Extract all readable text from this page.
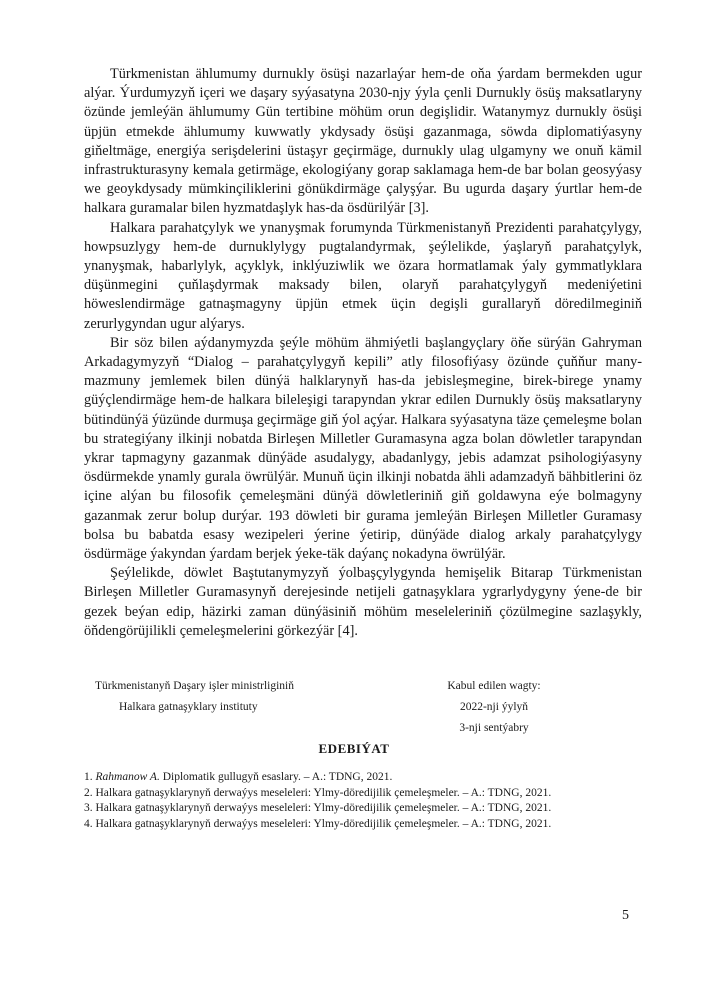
Türkmenistan ählumumy durnukly ösüşi nazarlaýar hem-de oňa ýardam bermekden ugur alýar. Ýurdumyzyň içeri we daşary syýasatyna 2030-njy ýyla çenli Durnukly ösüş maksatlaryny özünde jemleýän ählumumy Gün tertibine möhüm orun degişlidir. Watanymyz durnukly ösüşi üpjün etmekde ählumumy kuwwatly ykdysady ösüşi gazanmaga, söwda diplomatiýasyny giňeltmäge, energiýa serişdelerini üstaşyr geçirmäge, durnukly ulag ulgamyny we onuň kämil infrastrukturasyny kemala getirmäge, ekologiýany gorap saklamaga hem-de bar bolan geosyýasy we geoykdysady mümkinçiliklerini gönükdirmäge çalyşýar. Bu ugurda daşary ýurtlar hem-de halkara guramalar bilen hyzmatdaşlyk has-da ösdürilýär [3].

Halkara parahatçylyk we ynanyşmak forumynda Türkmenistanyň Prezidenti parahatçylygy, howpsuzlygy hem-de durnuklylygy pugtalandyrmak, şeýlelikde, ýaşlaryň parahatçylyk, ynanyşmak, habarlylyk, açyklyk, inklýuziwlik we özara hormatlamak ýaly gymmatlyklara düşünmegini çuňlaşdyrmak maksady bilen, olaryň parahatçylygyň medeniýetini höweslendirmäge gatnaşmagyny üpjün etmek üçin degişli gurallaryň döredilmeginiň zerurlygyndan ugur alýarys.

Bir söz bilen aýdanymyzda şeýle möhüm ähmiýetli başlangyçlary öňe sürýän Gahryman Arkadagymyzyň “Dialog – parahatçylygyň kepili” atly filosofiýasy özünde çuňňur many-mazmuny jemlemek bilen dünýä halklarynyň has-da jebisleşmegine, birek-birege ynamy güýçlendirmäge hem-de halkara bileleşigi tarapyndan ykrar edilen Durnukly ösüş maksatlaryny bütindünýä ýüzünde durmuşa geçirmäge giň ýol açýar. Halkara syýasatyna täze çemeleşme bolan bu strategiýany ilkinji nobatda Birleşen Milletler Guramasyna agza bolan döwletler tarapyndan ykrar tapmagyny gazanmak dünýäde asudalygy, abadanlygy, jebis adamzat psihologiýasyny ösdürmekde ynamly gurala öwrülýär. Munuň üçin ilkinji nobatda ähli adamzadyň bähbitlerini öz içine alýan bu filosofik çemeleşmäni dünýä döwletleriniň giň goldawyna eýe bolmagyny gazanmak zerur bolup durýar. 193 döwleti bir gurama jemleýän Birleşen Milletler Guramasy bolsa bu babatda esasy wezipeleri ýerine ýetirip, dünýäde dialog arkaly parahatçylygy ösdürmäge ýakyndan ýardam berjek ýeke-täk daýanç nokadyna öwrülýär.

Şeýlelikde, döwlet Baştutanymyzyň ýolbaşçylygynda hemişelik Bitarap Türkmenistan Birleşen Milletler Guramasynyň derejesinde netijeli gatnaşyklara ygrarlydygyny ýene-de bir gezek beýan edip, häzirki zaman dünýäsiniň möhüm meseleleriniň çözülmegine sazlaşykly, öňdengörüjilikli çemeleşmelerini görkezýär [4].

Türkmenistanyň Daşary işler ministrliginiň
Halkara gatnaşyklary instituty
Kabul edilen wagty:
2022-nji ýylyň
3-nji sentýabry
EDEBIÝAT
1. Rahmanow A. Diplomatik gullugyň esaslary. – A.: TDNG, 2021.
2. Halkara gatnaşyklarynyň derwaýys meseleleri: Ylmy-döredijilik çemeleşmeler. – A.: TDNG, 2021.
3. Halkara gatnaşyklarynyň derwaýys meseleleri: Ylmy-döredijilik çemeleşmeler. – A.: TDNG, 2021.
4. Halkara gatnaşyklarynyň derwaýys meseleleri: Ylmy-döredijilik çemeleşmeler. – A.: TDNG, 2021.
5
